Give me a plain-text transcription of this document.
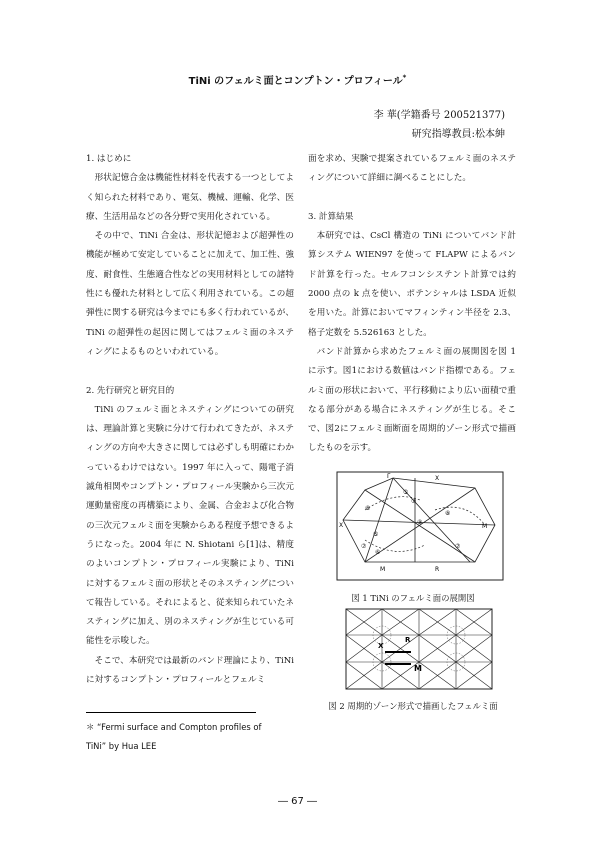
TiNi のフェルミ面とコンプトン・プロフィール*
李 華(学籍番号 200521377)
研究指導教員:松本紳
1. はじめに

形状記憶合金は機能性材料を代表する一つとしてよく知られた材料であり、電気、機械、運輸、化学、医療、生活用品などの各分野で実用化されている。

その中で、TiNi 合金は、形状記憶および超弾性の機能が極めて安定していることに加えて、加工性、強度、耐食性、生態適合性などの実用材料としての諸特性にも優れた材料として広く利用されている。この超弾性に関する研究は今までにも多く行われているが、TiNi の超弾性の起因に関してはフェルミ面のネスティングによるものといわれている。

2. 先行研究と研究目的

TiNi のフェルミ面とネスティングについての研究は、理論計算と実験に分けて行われてきたが、ネスティングの方向や大きさに関しては必ずしも明確にわかっているわけではない。1997 年に入って、陽電子消滅角相関やコンプトン・プロフィール実験から三次元運動量密度の再構築により、金属、合金および化合物の三次元フェルミ面を実験からある程度予想できるようになった。2004 年に N. Shiotani ら[1]は、精度のよいコンプトン・プロフィール実験により、TiNi に対するフェルミ面の形状とそのネスティングについて報告している。それによると、従来知られていたネスティングに加え、別のネスティングが生じている可能性を示唆した。

そこで、本研究では最新のバンド理論により、TiNi に対するコンプトン・プロフィールとフェルミ

面を求め、実験で提案されているフェルミ面のネスティングについて詳細に調べることにした。

3. 計算結果

本研究では、CsCl 構造の TiNi についてバンド計算システム WIEN97 を使って FLAPW によるバンド計算を行った。セルフコンシステント計算では約 2000 点の k 点を使い、ポテンシャルは LSDA 近似を用いた。計算においてマフィンティン半径を 2.3、格子定数を 5.526163 とした。

バンド計算から求めたフェルミ面の展開図を図 1 に示す。図1における数値はバンド指標である。フェルミ面の形状において、平行移動により広い面積で重なる部分がある場合にネスティングが生じる。そこで、図2にフェルミ面断面を周期的ゾーン形式で描画したものを示す。

Γ	X
X	M
M	R
⑤
⑦
⑥
⑧
⑨
⑤
⑦
⑥
⑦
図 1 TiNi のフェルミ面の展開図
X
R
M
図 2 周期的ゾーン形式で描画したフェルミ面
＊ “Fermi surface and Compton profiles of
TiNi” by Hua LEE
― 67 ―
